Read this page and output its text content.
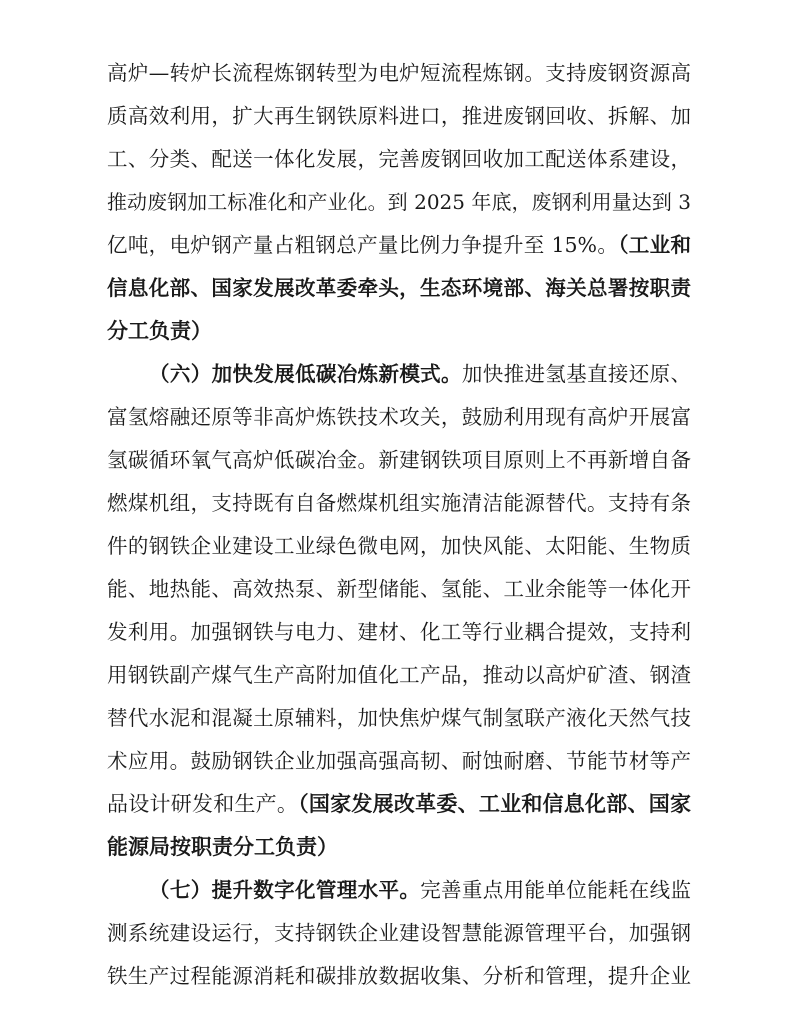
高炉—转炉长流程炼钢转型为电炉短流程炼钢。支持废钢资源高
质高效利用，扩大再生钢铁原料进口，推进废钢回收、拆解、加
工、分类、配送一体化发展，完善废钢回收加工配送体系建设，
推动废钢加工标准化和产业化。到 2025 年底，废钢利用量达到 3
亿吨，电炉钢产量占粗钢总产量比例力争提升至 15%。（工业和
信息化部、国家发展改革委牵头，生态环境部、海关总署按职责
分工负责）
（六）加快发展低碳冶炼新模式。加快推进氢基直接还原、
富氢熔融还原等非高炉炼铁技术攻关，鼓励利用现有高炉开展富
氢碳循环氧气高炉低碳冶金。新建钢铁项目原则上不再新增自备
燃煤机组，支持既有自备燃煤机组实施清洁能源替代。支持有条
件的钢铁企业建设工业绿色微电网，加快风能、太阳能、生物质
能、地热能、高效热泵、新型储能、氢能、工业余能等一体化开
发利用。加强钢铁与电力、建材、化工等行业耦合提效，支持利
用钢铁副产煤气生产高附加值化工产品，推动以高炉矿渣、钢渣
替代水泥和混凝土原辅料，加快焦炉煤气制氢联产液化天然气技
术应用。鼓励钢铁企业加强高强高韧、耐蚀耐磨、节能节材等产
品设计研发和生产。（国家发展改革委、工业和信息化部、国家
能源局按职责分工负责）
（七）提升数字化管理水平。完善重点用能单位能耗在线监
测系统建设运行，支持钢铁企业建设智慧能源管理平台，加强钢
铁生产过程能源消耗和碳排放数据收集、分析和管理，提升企业
